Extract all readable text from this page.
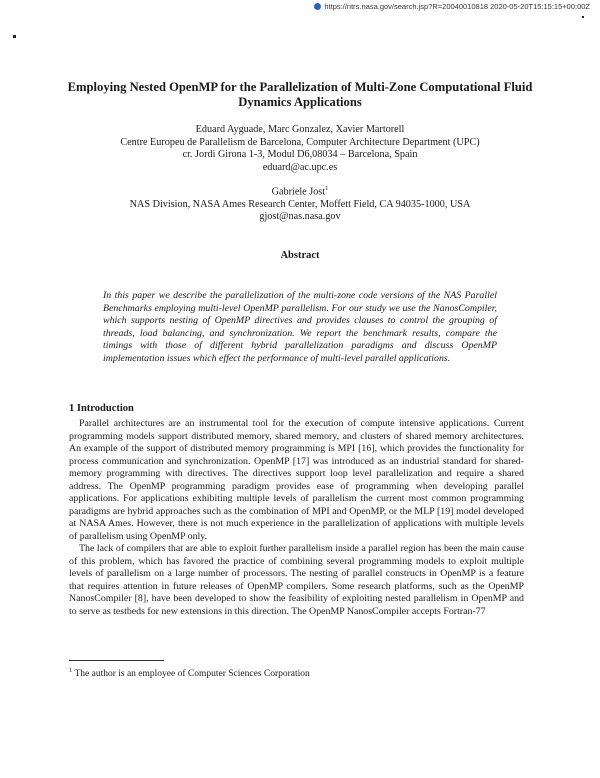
https://ntrs.nasa.gov/search.jsp?R=20040010818 2020-05-20T15:15:15+00:00Z
Employing Nested OpenMP for the Parallelization of Multi-Zone Computational Fluid Dynamics Applications
Eduard Ayguade, Marc Gonzalez, Xavier Martorell
Centre Europeu de Parallelism de Barcelona, Computer Architecture Department (UPC)
cr. Jordi Girona 1-3, Modul D6,08034 – Barcelona, Spain
eduard@ac.upc.es
Gabriele Jost$^1$
NAS Division, NASA Ames Research Center, Moffett Field, CA 94035-1000, USA
gjost@nas.nasa.gov
Abstract
In this paper we describe the parallelization of the multi-zone code versions of the NAS Parallel Benchmarks employing multi-level OpenMP parallelism. For our study we use the NanosCompiler, which supports nesting of OpenMP directives and provides clauses to control the grouping of threads, load balancing, and synchronization. We report the benchmark results, compare the timings with those of different hybrid parallelization paradigms and discuss OpenMP implementation issues which effect the performance of multi-level parallel applications.
1 Introduction

Parallel architectures are an instrumental tool for the execution of compute intensive applications. Current programming models support distributed memory, shared memory, and clusters of shared memory architectures. An example of the support of distributed memory programming is MPI [16], which provides the functionality for process communication and synchronization. OpenMP [17] was introduced as an industrial standard for shared-memory programming with directives. The directives support loop level parallelization and require a shared address. The OpenMP programming paradigm provides ease of programming when developing parallel applications. For applications exhibiting multiple levels of parallelism the current most common programming paradigms are hybrid approaches such as the combination of MPI and OpenMP, or the MLP [19] model developed at NASA Ames. However, there is not much experience in the parallelization of applications with multiple levels of parallelism using OpenMP only.

The lack of compilers that are able to exploit further parallelism inside a parallel region has been the main cause of this problem, which has favored the practice of combining several programming models to exploit multiple levels of parallelism on a large number of processors. The nesting of parallel constructs in OpenMP is a feature that requires attention in future releases of OpenMP compilers. Some research platforms, such as the OpenMP NanosCompiler [8], have been developed to show the feasibility of exploiting nested parallelism in OpenMP and to serve as testbeds for new extensions in this direction. The OpenMP NanosCompiler accepts Fortran-77

$^1$ The author is an employee of Computer Sciences Corporation
